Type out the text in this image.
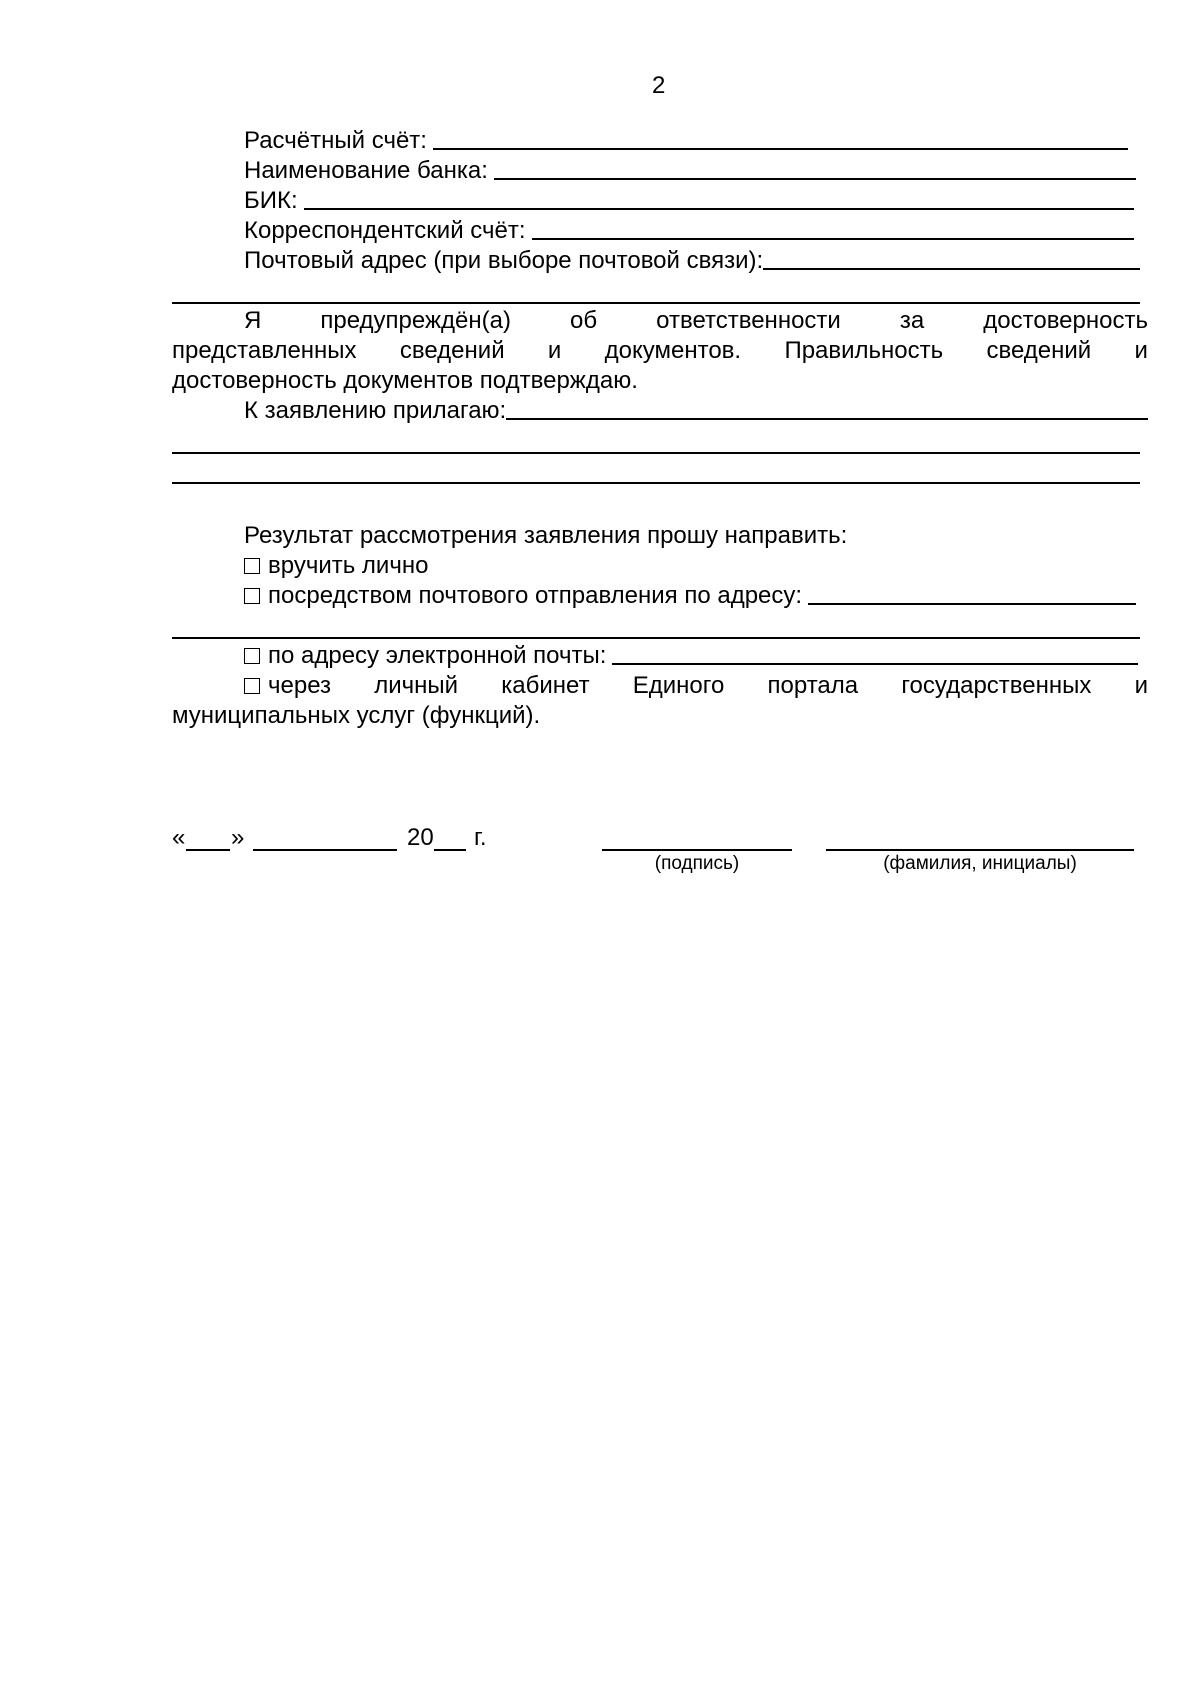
2
Расчётный счёт:
Наименование банка:
БИК:
Корреспондентский счёт:
Почтовый адрес (при выборе почтовой связи):
Я предупреждён(а) об ответственности за достоверность
представленных сведений и документов. Правильность сведений и
достоверность документов подтверждаю.
К заявлению прилагаю:
Результат рассмотрения заявления прошу направить:
вручить лично
посредством почтового отправления по адресу:
по адресу электронной почты:
через личный кабинет Единого портала государственных и
муниципальных услуг (функций).
« »	20 г.
(подпись)	(фамилия, инициалы)
